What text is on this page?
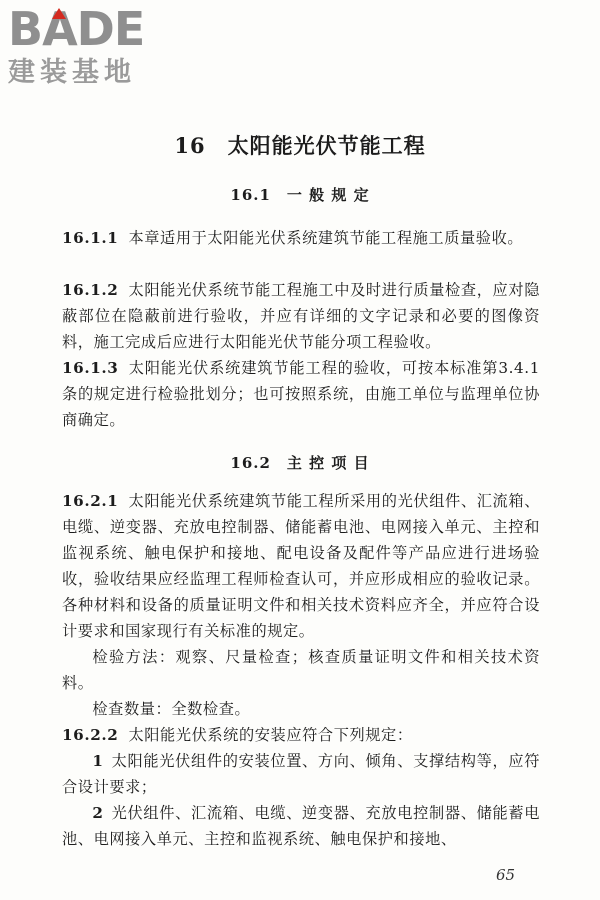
BADE
建装基地
16　太阳能光伏节能工程
16.1　一 般 规 定

16.1.1 本章适用于太阳能光伏系统建筑节能工程施工质量验收。

16.1.2 太阳能光伏系统节能工程施工中及时进行质量检查，应对隐蔽部位在隐蔽前进行验收，并应有详细的文字记录和必要的图像资料，施工完成后应进行太阳能光伏节能分项工程验收。

16.1.3 太阳能光伏系统建筑节能工程的验收，可按本标准第3.4.1条的规定进行检验批划分；也可按照系统，由施工单位与监理单位协商确定。

16.2　主 控 项 目

16.2.1 太阳能光伏系统建筑节能工程所采用的光伏组件、汇流箱、电缆、逆变器、充放电控制器、储能蓄电池、电网接入单元、主控和监视系统、触电保护和接地、配电设备及配件等产品应进行进场验收，验收结果应经监理工程师检查认可，并应形成相应的验收记录。各种材料和设备的质量证明文件和相关技术资料应齐全，并应符合设计要求和国家现行有关标准的规定。

检验方法：观察、尺量检查；核查质量证明文件和相关技术资料。

检查数量：全数检查。

16.2.2 太阳能光伏系统的安装应符合下列规定：

1 太阳能光伏组件的安装位置、方向、倾角、支撑结构等，应符合设计要求；

2 光伏组件、汇流箱、电缆、逆变器、充放电控制器、储能蓄电池、电网接入单元、主控和监视系统、触电保护和接地、

65
